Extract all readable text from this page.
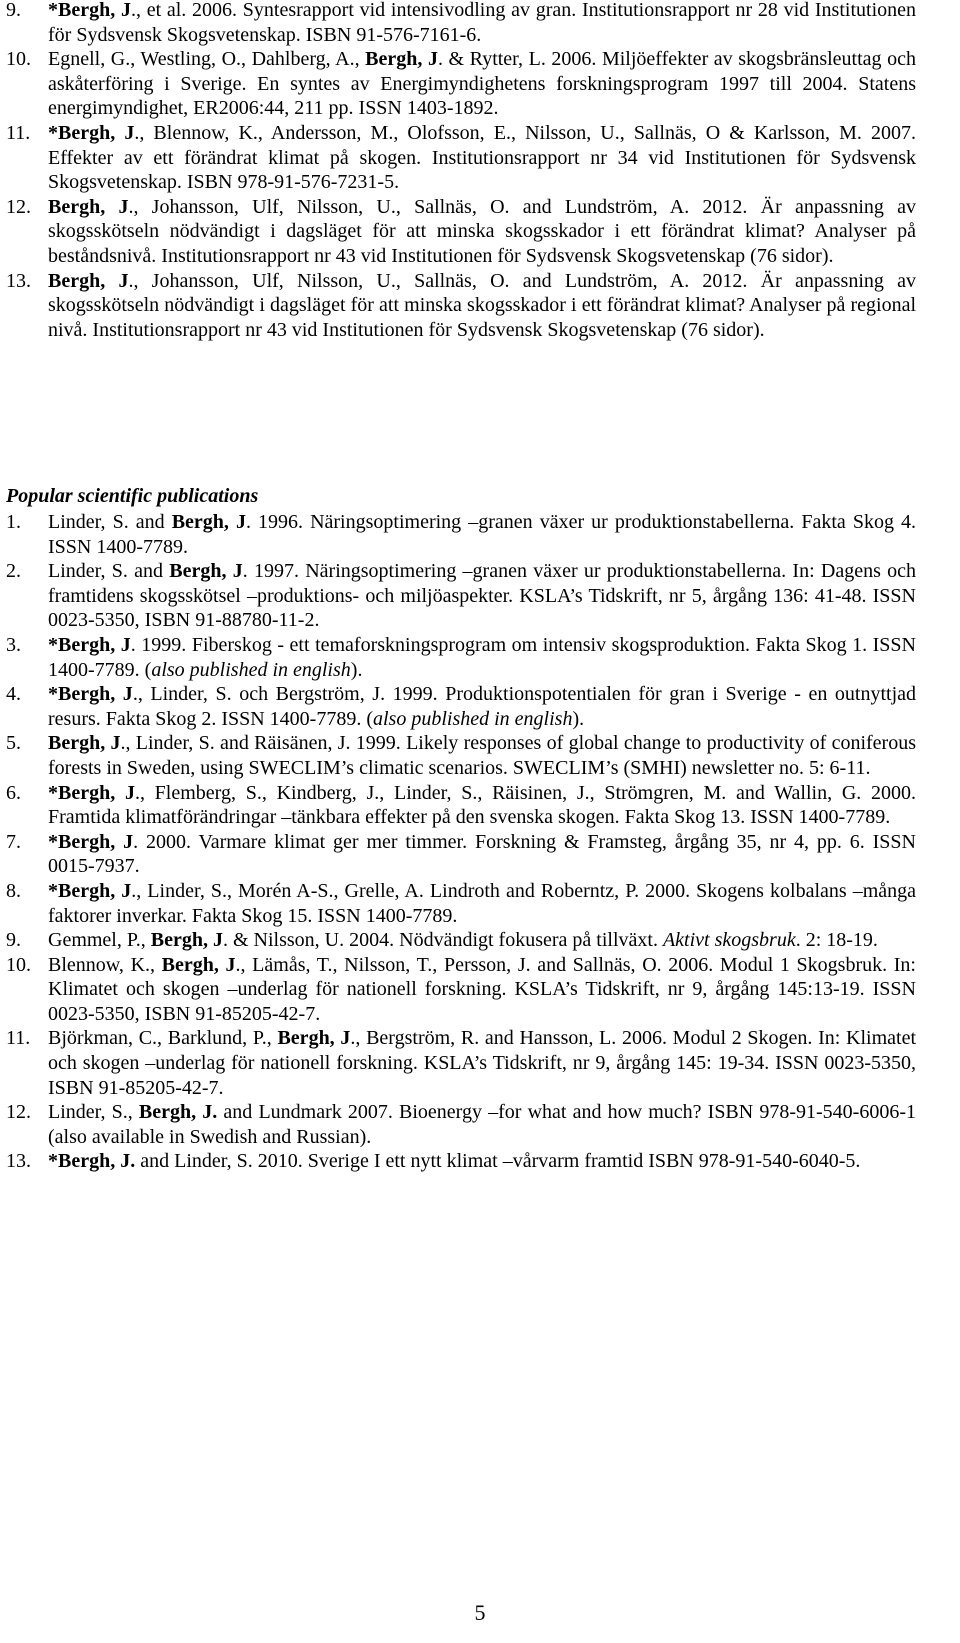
9. *Bergh, J., et al. 2006. Syntesrapport vid intensivodling av gran. Institutionsrapport nr 28 vid Institutionen för Sydsvensk Skogsvetenskap. ISBN 91-576-7161-6.
10. Egnell, G., Westling, O., Dahlberg, A., Bergh, J. & Rytter, L. 2006. Miljöeffekter av skogsbränsleuttag och askåterföring i Sverige. En syntes av Energimyndighetens forskningsprogram 1997 till 2004. Statens energimyndighet, ER2006:44, 211 pp. ISSN 1403-1892.
11. *Bergh, J., Blennow, K., Andersson, M., Olofsson, E., Nilsson, U., Sallnäs, O & Karlsson, M. 2007. Effekter av ett förändrat klimat på skogen. Institutionsrapport nr 34 vid Institutionen för Sydsvensk Skogsvetenskap. ISBN 978-91-576-7231-5.
12. Bergh, J., Johansson, Ulf, Nilsson, U., Sallnäs, O. and Lundström, A. 2012. Är anpassning av skogsskötseln nödvändigt i dagsläget för att minska skogsskador i ett förändrat klimat? Analyser på beståndsnivå. Institutionsrapport nr 43 vid Institutionen för Sydsvensk Skogsvetenskap (76 sidor).
13. Bergh, J., Johansson, Ulf, Nilsson, U., Sallnäs, O. and Lundström, A. 2012. Är anpassning av skogsskötseln nödvändigt i dagsläget för att minska skogsskador i ett förändrat klimat? Analyser på regional nivå. Institutionsrapport nr 43 vid Institutionen för Sydsvensk Skogsvetenskap (76 sidor).
Popular scientific publications
1. Linder, S. and Bergh, J. 1996. Näringsoptimering –granen växer ur produktionstabellerna. Fakta Skog 4. ISSN 1400-7789.
2. Linder, S. and Bergh, J. 1997. Näringsoptimering –granen växer ur produktionstabellerna. In: Dagens och framtidens skogsskötsel –produktions- och miljöaspekter. KSLA’s Tidskrift, nr 5, årgång 136: 41-48. ISSN 0023-5350, ISBN 91-88780-11-2.
3. *Bergh, J. 1999. Fiberskog - ett temaforskningsprogram om intensiv skogsproduktion. Fakta Skog 1. ISSN 1400-7789. (also published in english).
4. *Bergh, J., Linder, S. och Bergström, J. 1999. Produktionspotentialen för gran i Sverige - en outnyttjad resurs. Fakta Skog 2. ISSN 1400-7789. (also published in english).
5. Bergh, J., Linder, S. and Räisänen, J. 1999. Likely responses of global change to productivity of coniferous forests in Sweden, using SWECLIM’s climatic scenarios. SWECLIM’s (SMHI) newsletter no. 5: 6-11.
6. *Bergh, J., Flemberg, S., Kindberg, J., Linder, S., Räisinen, J., Strömgren, M. and Wallin, G. 2000. Framtida klimatförändringar –tänkbara effekter på den svenska skogen. Fakta Skog 13. ISSN 1400-7789.
7. *Bergh, J. 2000. Varmare klimat ger mer timmer. Forskning & Framsteg, årgång 35, nr 4, pp. 6. ISSN 0015-7937.
8. *Bergh, J., Linder, S., Morén A-S., Grelle, A. Lindroth and Roberntz, P. 2000. Skogens kolbalans –många faktorer inverkar. Fakta Skog 15. ISSN 1400-7789.
9. Gemmel, P., Bergh, J. & Nilsson, U. 2004. Nödvändigt fokusera på tillväxt. Aktivt skogsbruk. 2: 18-19.
10. Blennow, K., Bergh, J., Lämås, T., Nilsson, T., Persson, J. and Sallnäs, O. 2006. Modul 1 Skogsbruk. In: Klimatet och skogen –underlag för nationell forskning. KSLA’s Tidskrift, nr 9, årgång 145:13-19. ISSN 0023-5350, ISBN 91-85205-42-7.
11. Björkman, C., Barklund, P., Bergh, J., Bergström, R. and Hansson, L. 2006. Modul 2 Skogen. In: Klimatet och skogen –underlag för nationell forskning. KSLA’s Tidskrift, nr 9, årgång 145: 19-34. ISSN 0023-5350, ISBN 91-85205-42-7.
12. Linder, S., Bergh, J. and Lundmark 2007. Bioenergy –for what and how much? ISBN 978-91-540-6006-1 (also available in Swedish and Russian).
13. *Bergh, J. and Linder, S. 2010. Sverige I ett nytt klimat –vårvarm framtid ISBN 978-91-540-6040-5.
5
